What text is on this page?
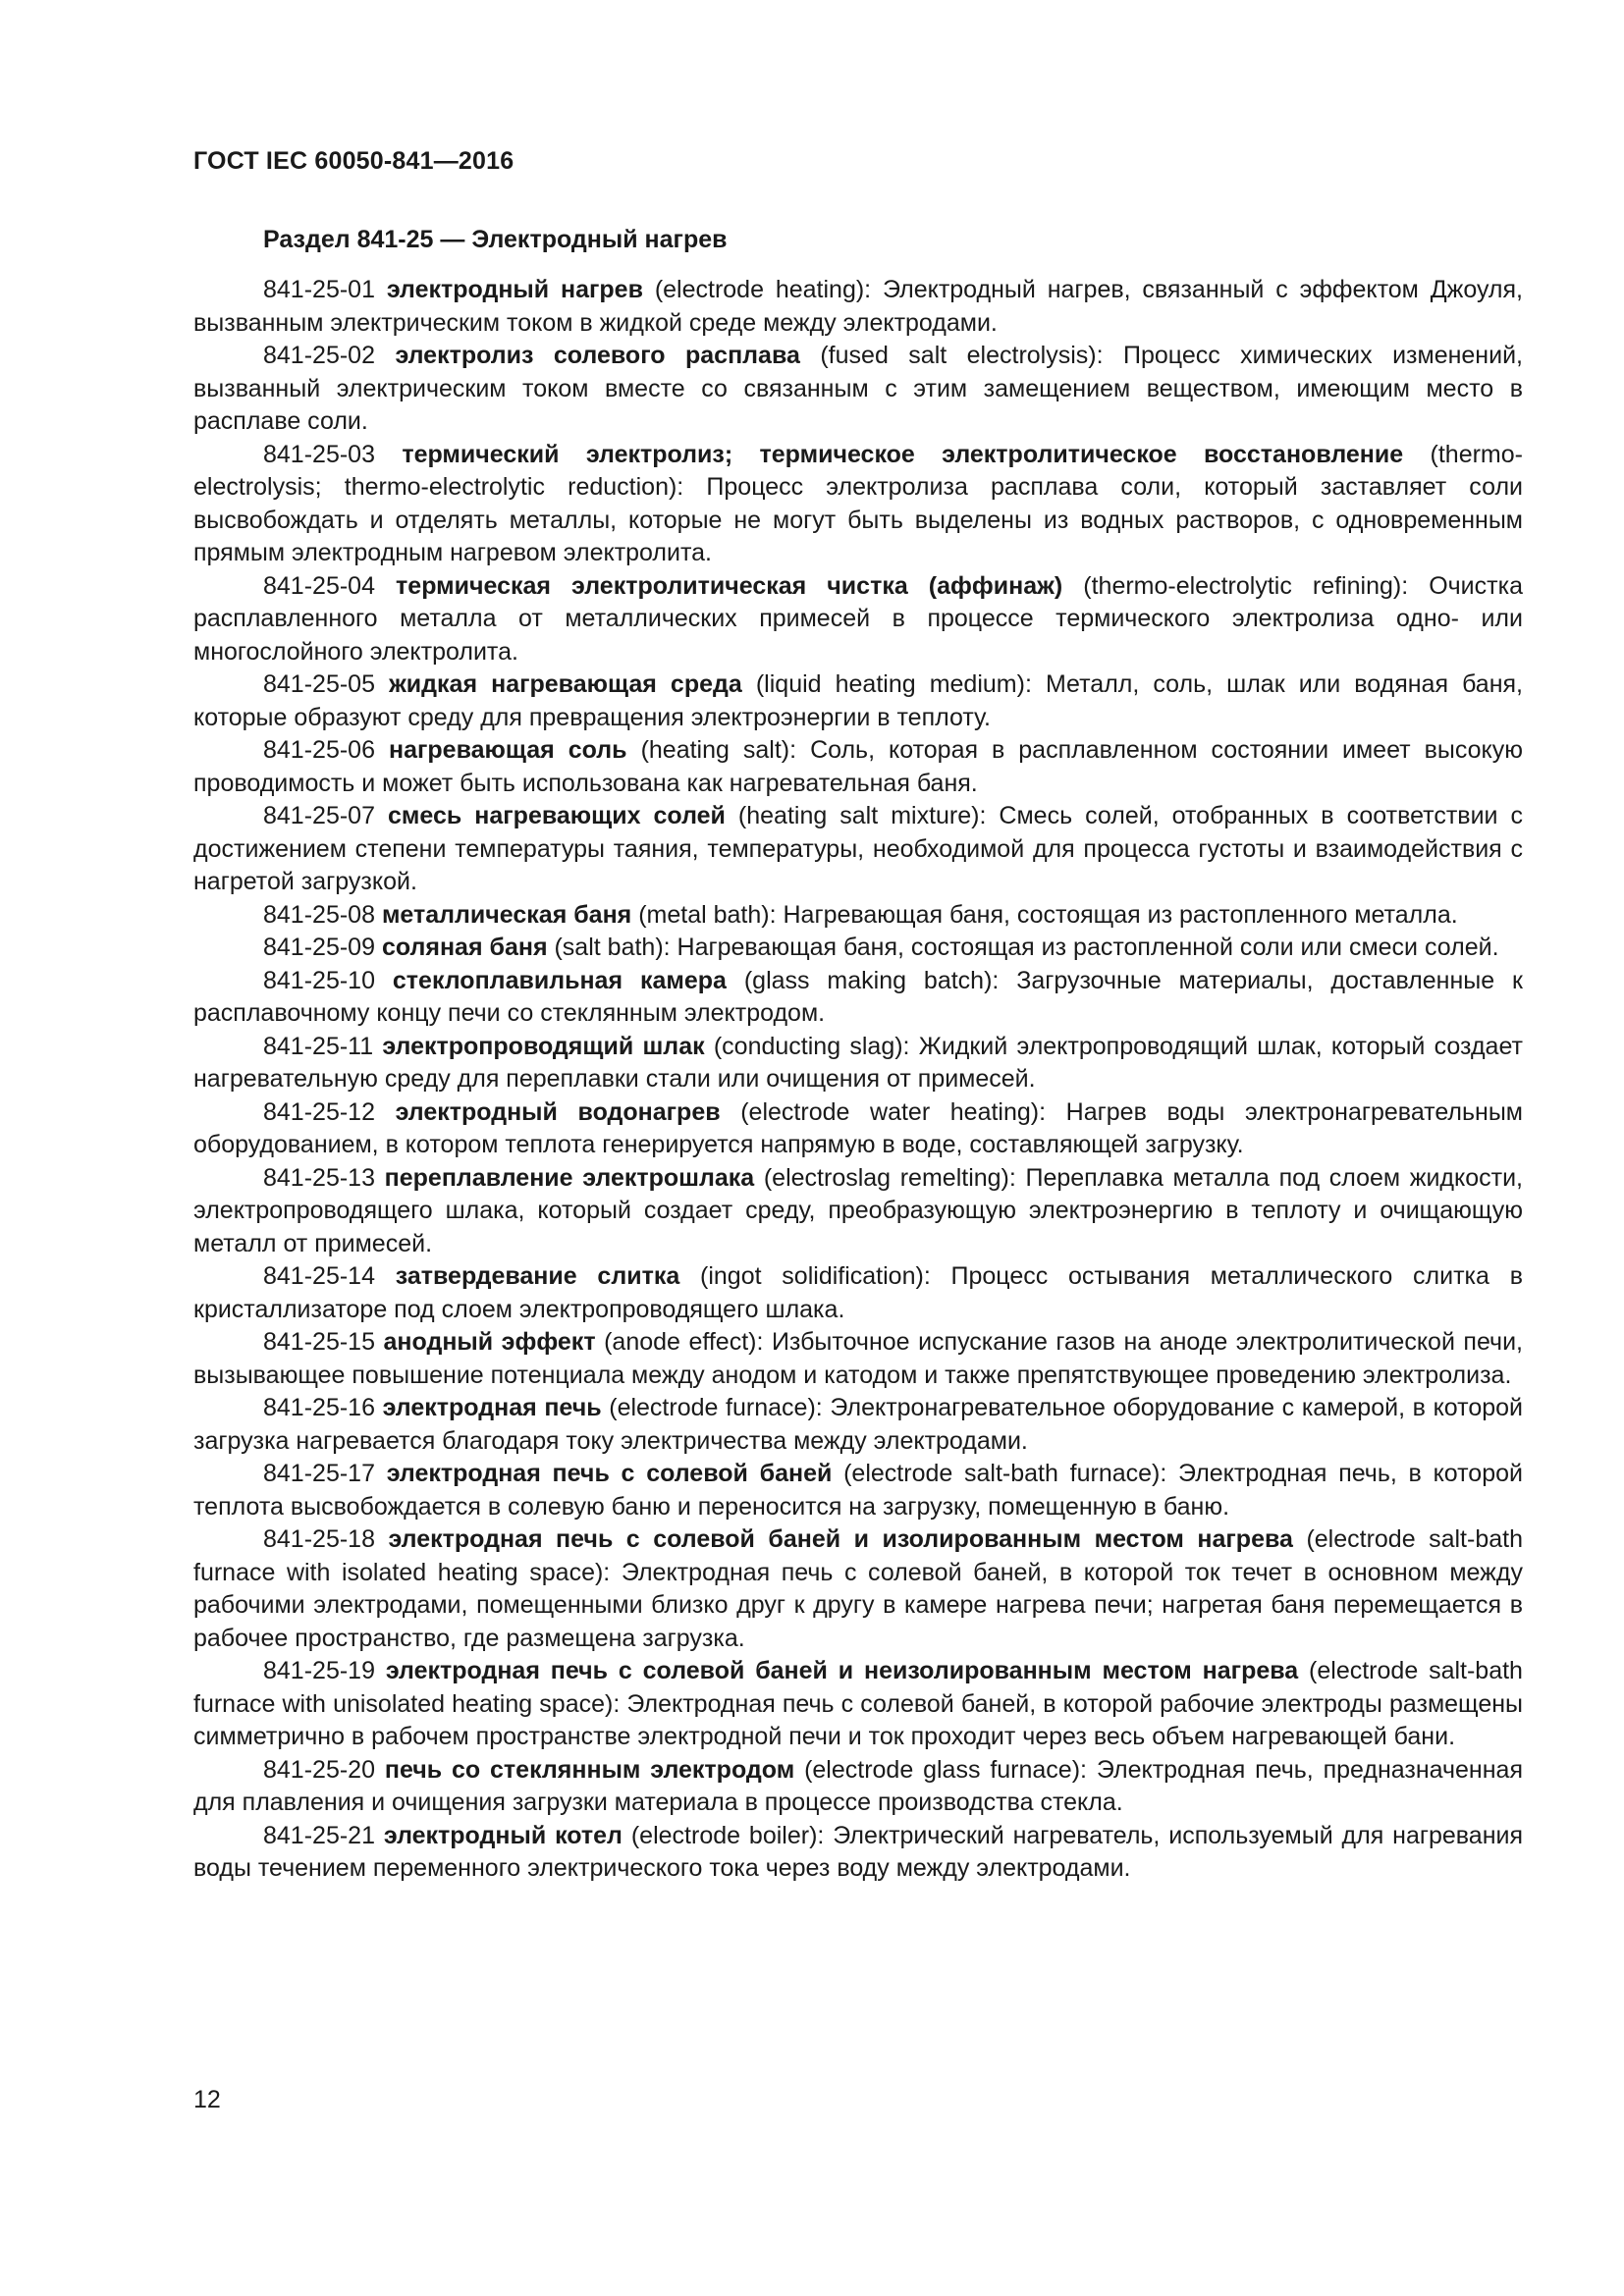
ГОСТ IEC 60050-841—2016
Раздел 841-25 — Электродный нагрев

841-25-01 электродный нагрев (electrode heating): Электродный нагрев, связанный с эффектом Джоуля, вызванным электрическим током в жидкой среде между электродами.

841-25-02 электролиз солевого расплава (fused salt electrolysis): Процесс химических изменений, вызванный электрическим током вместе со связанным с этим замещением веществом, имеющим место в расплаве соли.

841-25-03 термический электролиз; термическое электролитическое восстановление (thermo-electrolysis; thermo-electrolytic reduction): Процесс электролиза расплава соли, который заставляет соли высвобождать и отделять металлы, которые не могут быть выделены из водных растворов, с одновременным прямым электродным нагревом электролита.

841-25-04 термическая электролитическая чистка (аффинаж) (thermo-electrolytic refining): Очистка расплавленного металла от металлических примесей в процессе термического электролиза одно- или многослойного электролита.

841-25-05 жидкая нагревающая среда (liquid heating medium): Металл, соль, шлак или водяная баня, которые образуют среду для превращения электроэнергии в теплоту.

841-25-06 нагревающая соль (heating salt): Соль, которая в расплавленном состоянии имеет высокую проводимость и может быть использована как нагревательная баня.

841-25-07 смесь нагревающих солей (heating salt mixture): Смесь солей, отобранных в соответствии с достижением степени температуры таяния, температуры, необходимой для процесса густоты и взаимодействия с нагретой загрузкой.

841-25-08 металлическая баня (metal bath): Нагревающая баня, состоящая из растопленного металла.

841-25-09 соляная баня (salt bath): Нагревающая баня, состоящая из растопленной соли или смеси солей.

841-25-10 стеклоплавильная камера (glass making batch): Загрузочные материалы, доставленные к расплавочному концу печи со стеклянным электродом.

841-25-11 электропроводящий шлак (conducting slag): Жидкий электропроводящий шлак, который создает нагревательную среду для переплавки стали или очищения от примесей.

841-25-12 электродный водонагрев (electrode water heating): Нагрев воды электронагревательным оборудованием, в котором теплота генерируется напрямую в воде, составляющей загрузку.

841-25-13 переплавление электрошлака (electroslag remelting): Переплавка металла под слоем жидкости, электропроводящего шлака, который создает среду, преобразующую электроэнергию в теплоту и очищающую металл от примесей.

841-25-14 затвердевание слитка (ingot solidification): Процесс остывания металлического слитка в кристаллизаторе под слоем электропроводящего шлака.

841-25-15 анодный эффект (anode effect): Избыточное испускание газов на аноде электролитической печи, вызывающее повышение потенциала между анодом и катодом и также препятствующее проведению электролиза.

841-25-16 электродная печь (electrode furnace): Электронагревательное оборудование с камерой, в которой загрузка нагревается благодаря току электричества между электродами.

841-25-17 электродная печь с солевой баней (electrode salt-bath furnace): Электродная печь, в которой теплота высвобождается в солевую баню и переносится на загрузку, помещенную в баню.

841-25-18 электродная печь с солевой баней и изолированным местом нагрева (electrode salt-bath furnace with isolated heating space): Электродная печь с солевой баней, в которой ток течет в основном между рабочими электродами, помещенными близко друг к другу в камере нагрева печи; нагретая баня перемещается в рабочее пространство, где размещена загрузка.

841-25-19 электродная печь с солевой баней и неизолированным местом нагрева (electrode salt-bath furnace with unisolated heating space): Электродная печь с солевой баней, в которой рабочие электроды размещены симметрично в рабочем пространстве электродной печи и ток проходит через весь объем нагревающей бани.

841-25-20 печь со стеклянным электродом (electrode glass furnace): Электродная печь, предназначенная для плавления и очищения загрузки материала в процессе производства стекла.

841-25-21 электродный котел (electrode boiler): Электрический нагреватель, используемый для нагревания воды течением переменного электрического тока через воду между электродами.

12
